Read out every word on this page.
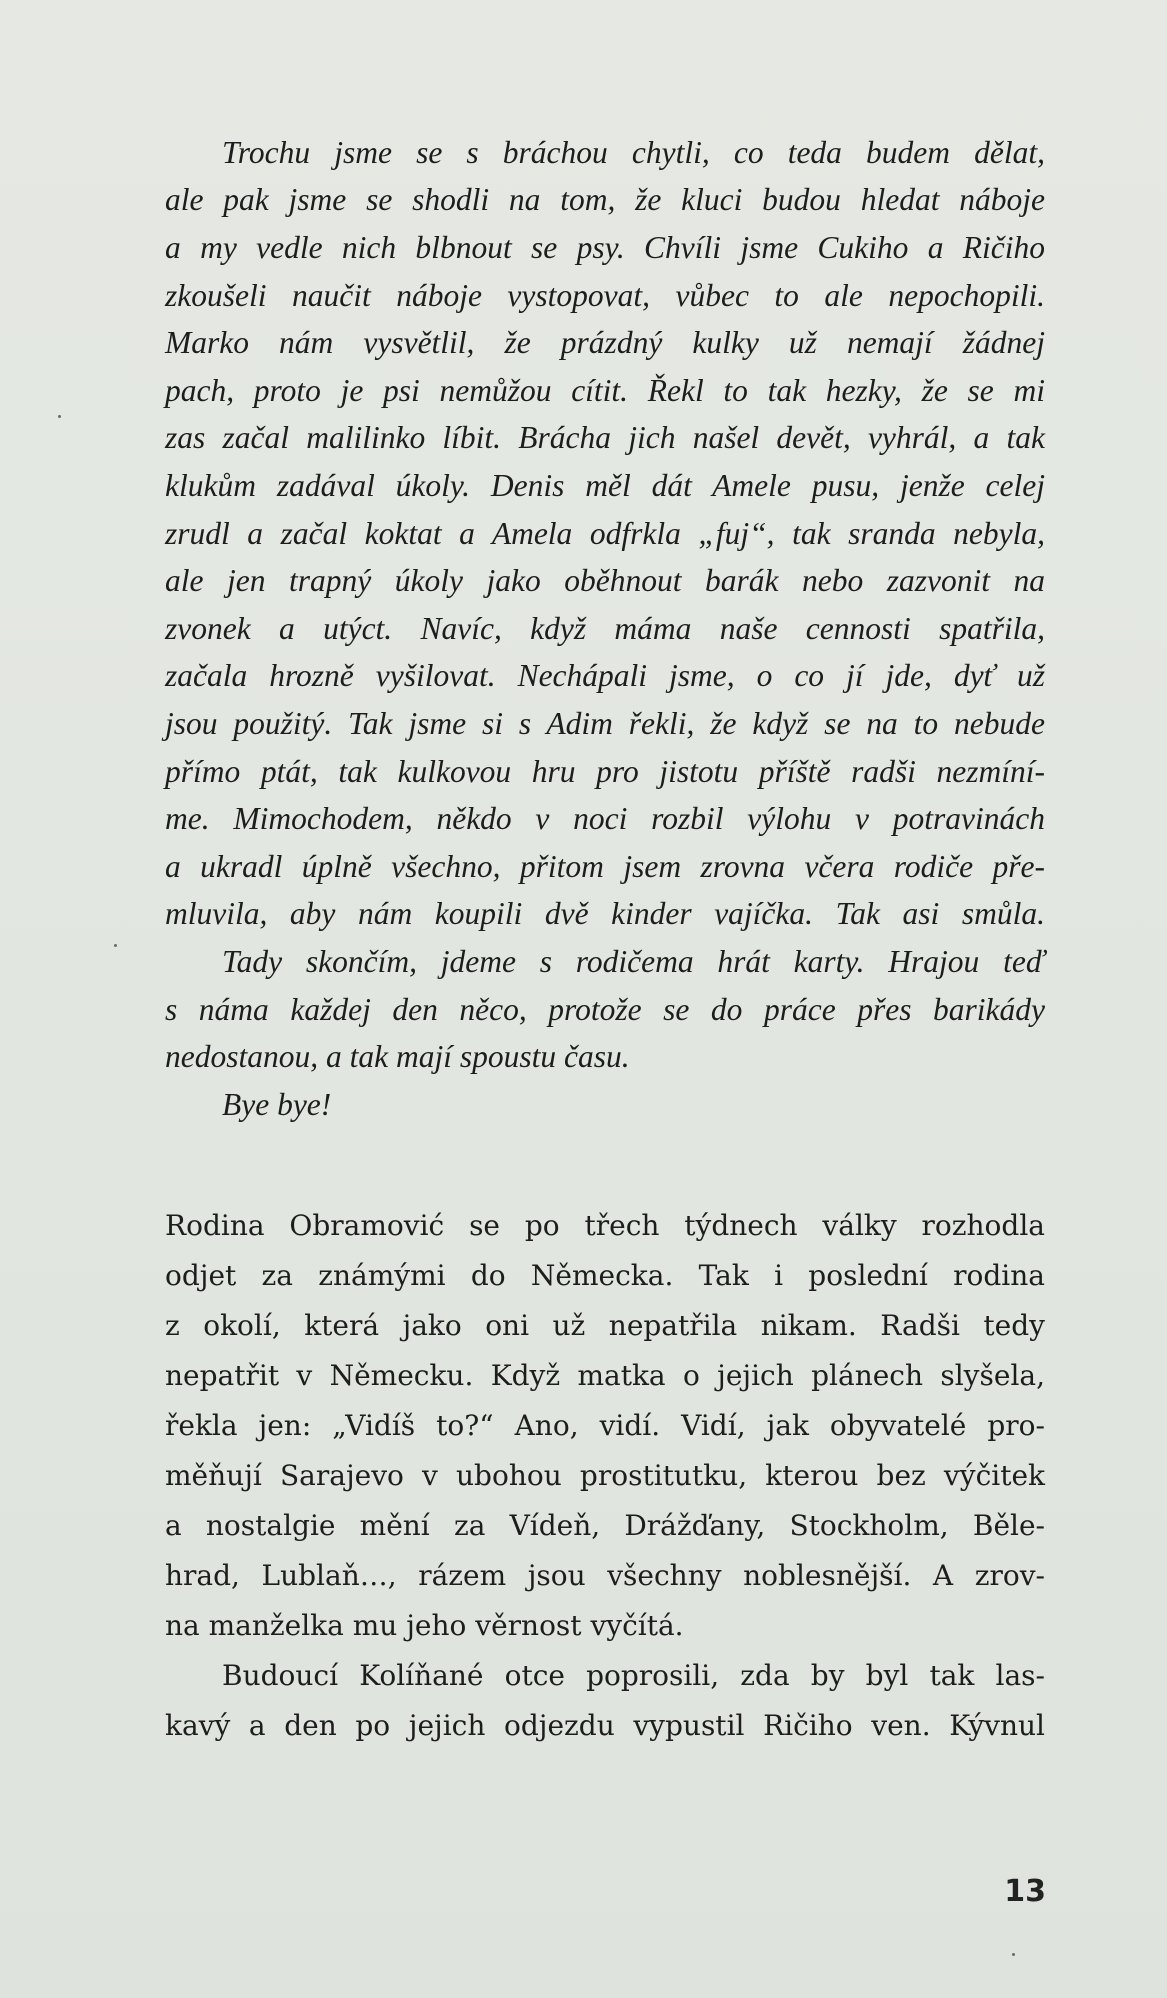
Trochu jsme se s bráchou chytli, co teda budem dělat,
ale pak jsme se shodli na tom, že kluci budou hledat náboje
a my vedle nich blbnout se psy. Chvíli jsme Cukiho a Ričiho
zkoušeli naučit náboje vystopovat, vůbec to ale nepochopili.
Marko nám vysvětlil, že prázdný kulky už nemají žádnej
pach, proto je psi nemůžou cítit. Řekl to tak hezky, že se mi
zas začal malilinko líbit. Brácha jich našel devět, vyhrál, a tak
klukům zadával úkoly. Denis měl dát Amele pusu, jenže celej
zrudl a začal koktat a Amela odfrkla „fuj“, tak sranda nebyla,
ale jen trapný úkoly jako oběhnout barák nebo zazvonit na
zvonek a utýct. Navíc, když máma naše cennosti spatřila,
začala hrozně vyšilovat. Nechápali jsme, o co jí jde, dyť už
jsou použitý. Tak jsme si s Adim řekli, že když se na to nebude
přímo ptát, tak kulkovou hru pro jistotu příště radši nezmíní-
me. Mimochodem, někdo v noci rozbil výlohu v potravinách
a ukradl úplně všechno, přitom jsem zrovna včera rodiče pře-
mluvila, aby nám koupili dvě kinder vajíčka. Tak asi smůla.
Tady skončím, jdeme s rodičema hrát karty. Hrajou teď
s náma každej den něco, protože se do práce přes barikády
nedostanou, a tak mají spoustu času.
Bye bye!
Rodina Obramović se po třech týdnech války rozhodla
odjet za známými do Německa. Tak i poslední rodina
z okolí, která jako oni už nepatřila nikam. Radši tedy
nepatřit v Německu. Když matka o jejich plánech slyšela,
řekla jen: „Vidíš to?“ Ano, vidí. Vidí, jak obyvatelé pro-
měňují Sarajevo v ubohou prostitutku, kterou bez výčitek
a nostalgie mění za Vídeň, Drážďany, Stockholm, Běle-
hrad, Lublaň…, rázem jsou všechny noblesnější. A zrov-
na manželka mu jeho věrnost vyčítá.
Budoucí Kolíňané otce poprosili, zda by byl tak las-
kavý a den po jejich odjezdu vypustil Ričiho ven. Kývnul
13
